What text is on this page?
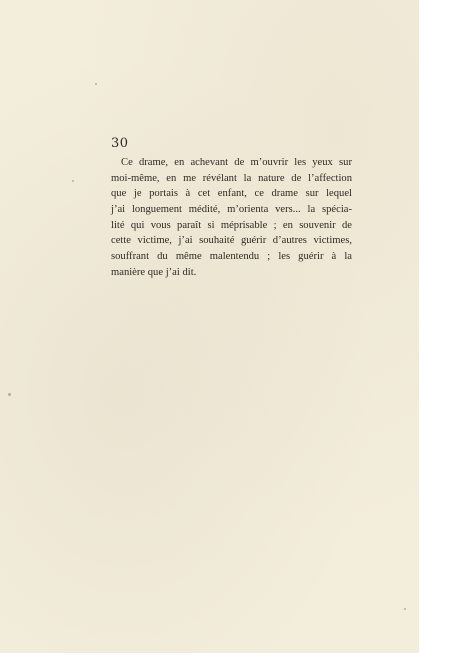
30
Ce drame, en achevant de m’ouvrir les yeux sur
moi-même, en me révélant la nature de l’affection
que je portais à cet enfant, ce drame sur lequel
j’ai longuement médité, m’orienta vers... la spécia-
lité qui vous paraît si méprisable ; en souvenir de
cette victime, j’ai souhaité guérir d’autres victimes,
souffrant du même malentendu ; les guérir à la
manière que j’ai dit.
